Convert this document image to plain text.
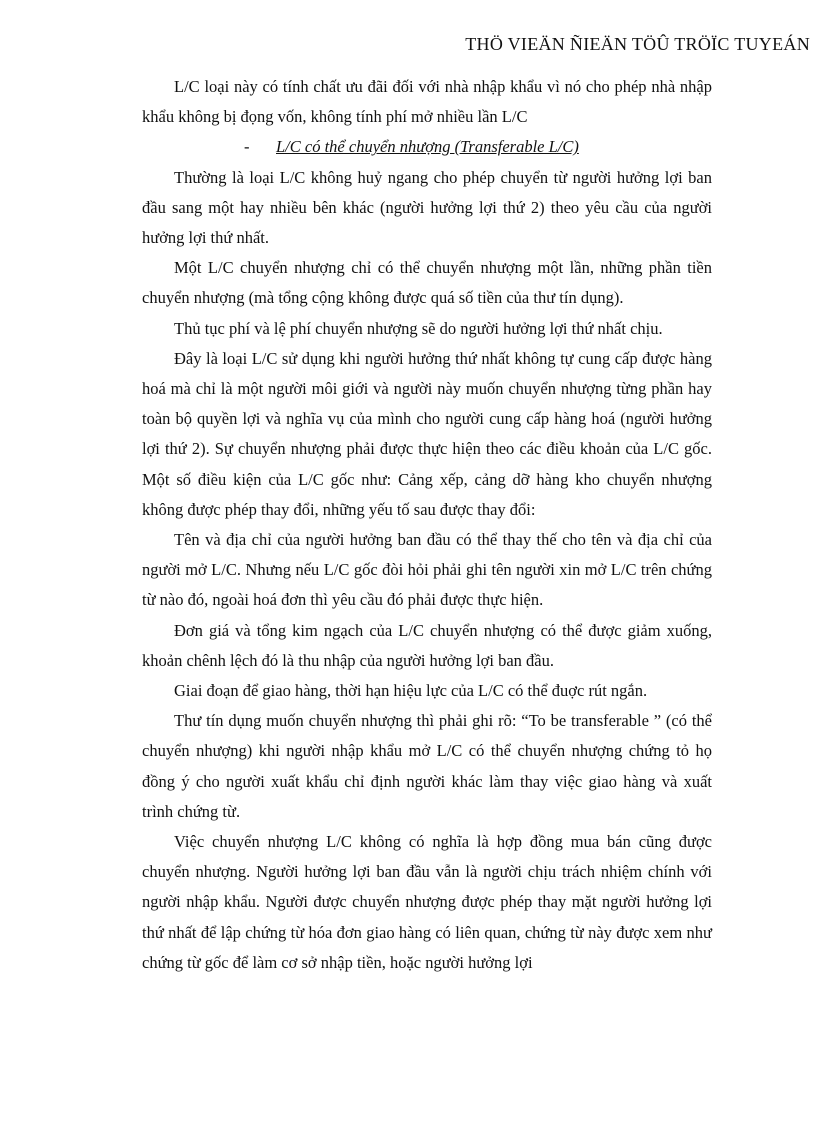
THÖ VIEÄN ÑIEÄN TÖÛ TRÖÏC TUYEÁN

L/C loại này có tính chất ưu đãi đối với nhà nhập khẩu vì nó cho phép nhà nhập khẩu không bị đọng vốn, không tính phí mở nhiều lần L/C

- L/C có thể chuyển nhượng (Transferable L/C)

Thường là loại L/C không huỷ ngang cho phép chuyển từ người hưởng lợi ban đầu sang một hay nhiều bên khác (người hưởng lợi thứ 2) theo yêu cầu của người hưởng lợi thứ nhất.

Một L/C chuyển nhượng chỉ có thể chuyển nhượng một lần, những phần tiền chuyển nhượng (mà tổng cộng không được quá số tiền của thư tín dụng).

Thủ tục phí và lệ phí chuyển nhượng sẽ do người hưởng lợi thứ nhất chịu.

Đây là loại L/C sử dụng khi người hưởng thứ nhất không tự cung cấp được hàng hoá mà chỉ là một người môi giới và người này muốn chuyển nhượng từng phần hay toàn bộ quyền lợi và nghĩa vụ của mình cho người cung cấp hàng hoá (người hưởng lợi thứ 2). Sự chuyển nhượng phải được thực hiện theo các điều khoản của L/C gốc. Một số điều kiện của L/C gốc như: Cảng xếp, cảng dỡ hàng kho chuyển nhượng không được phép thay đổi, những yếu tố sau được thay đổi:

Tên và địa chỉ của người hưởng ban đầu có thể thay thế cho tên và địa chỉ của người mở L/C. Nhưng nếu L/C gốc đòi hỏi phải ghi tên người xin mở L/C trên chứng từ nào đó, ngoài hoá đơn thì yêu cầu đó phải được thực hiện.

Đơn giá và tổng kim ngạch của L/C chuyển nhượng có thể được giảm xuống, khoản chênh lệch đó là thu nhập của người hưởng lợi ban đầu.

Giai đoạn để giao hàng, thời hạn hiệu lực của L/C có thể đuợc rút ngắn.

Thư tín dụng muốn chuyển nhượng thì phải ghi rõ: “To be transferable ” (có thể chuyển nhượng) khi người nhập khẩu mở L/C có thể chuyển nhượng chứng tỏ họ đồng ý cho người xuất khẩu chỉ định người khác làm thay việc giao hàng và xuất trình chứng từ.

Việc chuyển nhượng L/C không có nghĩa là hợp đồng mua bán cũng được chuyển nhượng. Người hưởng lợi ban đầu vẫn là người chịu trách nhiệm chính với người nhập khẩu. Người được chuyển nhượng được phép thay mặt người hưởng lợi thứ nhất để lập chứng từ hóa đơn giao hàng có liên quan, chứng từ này được xem như chứng từ gốc để làm cơ sở nhập tiền, hoặc người hưởng lợi
